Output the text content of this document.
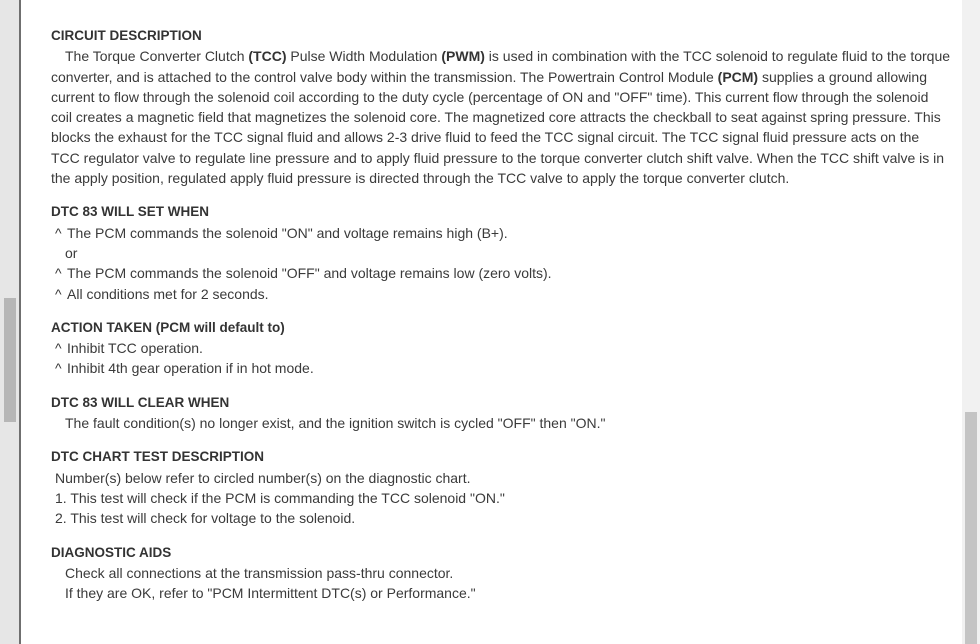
CIRCUIT DESCRIPTION

The Torque Converter Clutch (TCC) Pulse Width Modulation (PWM) is used in combination with the TCC solenoid to regulate fluid to the torque converter, and is attached to the control valve body within the transmission. The Powertrain Control Module (PCM) supplies a ground allowing current to flow through the solenoid coil according to the duty cycle (percentage of ON and "OFF" time). This current flow through the solenoid coil creates a magnetic field that magnetizes the solenoid core. The magnetized core attracts the checkball to seat against spring pressure. This blocks the exhaust for the TCC signal fluid and allows 2-3 drive fluid to feed the TCC signal circuit. The TCC signal fluid pressure acts on the TCC regulator valve to regulate line pressure and to apply fluid pressure to the torque converter clutch shift valve. When the TCC shift valve is in the apply position, regulated apply fluid pressure is directed through the TCC valve to apply the torque converter clutch.

DTC 83 WILL SET WHEN

^ The PCM commands the solenoid "ON" and voltage remains high (B+).

or

^ The PCM commands the solenoid "OFF" and voltage remains low (zero volts).

^ All conditions met for 2 seconds.

ACTION TAKEN (PCM will default to)

^ Inhibit TCC operation.

^ Inhibit 4th gear operation if in hot mode.

DTC 83 WILL CLEAR WHEN

The fault condition(s) no longer exist, and the ignition switch is cycled "OFF" then "ON."

DTC CHART TEST DESCRIPTION

Number(s) below refer to circled number(s) on the diagnostic chart.

1. This test will check if the PCM is commanding the TCC solenoid "ON."

2. This test will check for voltage to the solenoid.

DIAGNOSTIC AIDS

Check all connections at the transmission pass-thru connector.

If they are OK, refer to "PCM Intermittent DTC(s) or Performance."
